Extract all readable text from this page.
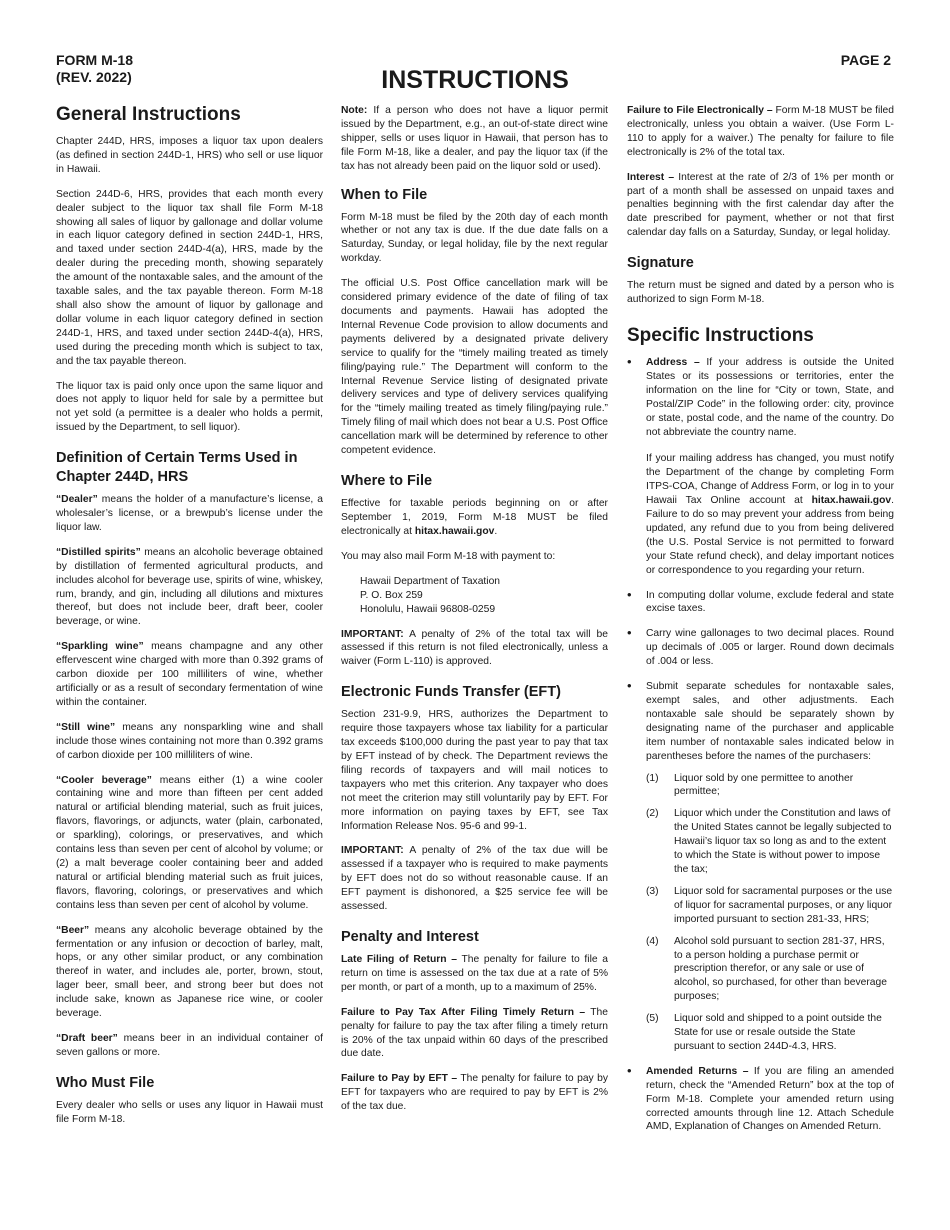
FORM M-18
(REV. 2022)	INSTRUCTIONS
PAGE 2
General Instructions

Chapter 244D, HRS, imposes a liquor tax upon dealers (as defined in section 244D-1, HRS) who sell or use liquor in Hawaii.

Section 244D-6, HRS, provides that each month every dealer subject to the liquor tax shall file Form M-18 showing all sales of liquor by gallonage and dollar volume in each liquor category defined in section 244D-1, HRS, and taxed under section 244D-4(a), HRS, made by the dealer during the preceding month, showing separately the amount of the nontaxable sales, and the amount of the taxable sales, and the tax payable thereon. Form M-18 shall also show the amount of liquor by gallonage and dollar volume in each liquor category defined in section 244D-1, HRS, and taxed under section 244D-4(a), HRS, used during the preceding month which is subject to tax, and the tax payable thereon.

The liquor tax is paid only once upon the same liquor and does not apply to liquor held for sale by a permittee but not yet sold (a permittee is a dealer who holds a permit, issued by the Department, to sell liquor).

Definition of Certain Terms Used in Chapter 244D, HRS

“Dealer” means the holder of a manufacture’s license, a wholesaler’s license, or a brewpub’s license under the liquor law.

“Distilled spirits” means an alcoholic beverage obtained by distillation of fermented agricultural products, and includes alcohol for beverage use, spirits of wine, whiskey, rum, brandy, and gin, including all dilutions and mixtures thereof, but does not include beer, draft beer, cooler beverage, or wine.

“Sparkling wine” means champagne and any other effervescent wine charged with more than 0.392 grams of carbon dioxide per 100 milliliters of wine, whether artificially or as a result of secondary fermentation of wine within the container.

“Still wine” means any nonsparkling wine and shall include those wines containing not more than 0.392 grams of carbon dioxide per 100 milliliters of wine.

“Cooler beverage” means either (1) a wine cooler containing wine and more than fifteen per cent added natural or artificial blending material, such as fruit juices, flavors, flavorings, or adjuncts, water (plain, carbonated, or sparkling), colorings, or preservatives, and which contains less than seven per cent of alcohol by volume; or (2) a malt beverage cooler containing beer and added natural or artificial blending material such as fruit juices, flavors, flavoring, colorings, or preservatives and which contains less than seven per cent of alcohol by volume.

“Beer” means any alcoholic beverage obtained by the fermentation or any infusion or decoction of barley, malt, hops, or any other similar product, or any combination thereof in water, and includes ale, porter, brown, stout, lager beer, small beer, and strong beer but does not include sake, known as Japanese rice wine, or cooler beverage.

“Draft beer” means beer in an individual container of seven gallons or more.

Who Must File

Every dealer who sells or uses any liquor in Hawaii must file Form M-18.

Note: If a person who does not have a liquor permit issued by the Department, e.g., an out-of-state direct wine shipper, sells or uses liquor in Hawaii, that person has to file Form M-18, like a dealer, and pay the liquor tax (if the tax has not already been paid on the liquor sold or used).

When to File

Form M-18 must be filed by the 20th day of each month whether or not any tax is due. If the due date falls on a Saturday, Sunday, or legal holiday, file by the next regular workday.

The official U.S. Post Office cancellation mark will be considered primary evidence of the date of filing of tax documents and payments. Hawaii has adopted the Internal Revenue Code provision to allow documents and payments delivered by a designated private delivery service to qualify for the “timely mailing treated as timely filing/paying rule.” The Department will conform to the Internal Revenue Service listing of designated private delivery services and type of delivery services qualifying for the “timely mailing treated as timely filing/paying rule.” Timely filing of mail which does not bear a U.S. Post Office cancellation mark will be determined by reference to other competent evidence.

Where to File

Effective for taxable periods beginning on or after September 1, 2019, Form M-18 MUST be filed electronically at hitax.hawaii.gov.

You may also mail Form M-18 with payment to:

Hawaii Department of Taxation
P. O. Box 259
Honolulu, Hawaii 96808-0259

IMPORTANT: A penalty of 2% of the total tax will be assessed if this return is not filed electronically, unless a waiver (Form L-110) is approved.

Electronic Funds Transfer (EFT)

Section 231-9.9, HRS, authorizes the Department to require those taxpayers whose tax liability for a particular tax exceeds $100,000 during the past year to pay that tax by EFT instead of by check. The Department reviews the filing records of taxpayers and will mail notices to taxpayers who met this criterion. Any taxpayer who does not meet the criterion may still voluntarily pay by EFT. For more information on paying taxes by EFT, see Tax Information Release Nos. 95-6 and 99-1.

IMPORTANT: A penalty of 2% of the tax due will be assessed if a taxpayer who is required to make payments by EFT does not do so without reasonable cause. If an EFT payment is dishonored, a $25 service fee will be assessed.

Penalty and Interest

Late Filing of Return – The penalty for failure to file a return on time is assessed on the tax due at a rate of 5% per month, or part of a month, up to a maximum of 25%.

Failure to Pay Tax After Filing Timely Return – The penalty for failure to pay the tax after filing a timely return is 20% of the tax unpaid within 60 days of the prescribed due date.

Failure to Pay by EFT – The penalty for failure to pay by EFT for taxpayers who are required to pay by EFT is 2% of the tax due.

Failure to File Electronically – Form M-18 MUST be filed electronically, unless you obtain a waiver. (Use Form L-110 to apply for a waiver.) The penalty for failure to file electronically is 2% of the total tax.

Interest – Interest at the rate of 2/3 of 1% per month or part of a month shall be assessed on unpaid taxes and penalties beginning with the first calendar day after the date prescribed for payment, whether or not that first calendar day falls on a Saturday, Sunday, or legal holiday.

Signature

The return must be signed and dated by a person who is authorized to sign Form M-18.

Specific Instructions

• Address – If your address is outside the United States or its possessions or territories, enter the information on the line for “City or town, State, and Postal/ZIP Code” in the following order: city, province or state, postal code, and the name of the country. Do not abbreviate the country name.

If your mailing address has changed, you must notify the Department of the change by completing Form ITPS-COA, Change of Address Form, or log in to your Hawaii Tax Online account at hitax.hawaii.gov. Failure to do so may prevent your address from being updated, any refund due to you from being delivered (the U.S. Postal Service is not permitted to forward your State refund check), and delay important notices or correspondence to you regarding your return.

• In computing dollar volume, exclude federal and state excise taxes.
• Carry wine gallonages to two decimal places. Round up decimals of .005 or larger. Round down decimals of .004 or less.
• Submit separate schedules for nontaxable sales, exempt sales, and other adjustments. Each nontaxable sale should be separately shown by designating name of the purchaser and applicable item number of nontaxable sales indicated below in parentheses before the names of the purchasers:
(1) Liquor sold by one permittee to another permittee;
(2) Liquor which under the Constitution and laws of the United States cannot be legally subjected to Hawaii’s liquor tax so long as and to the extent to which the State is without power to impose the tax;
(3) Liquor sold for sacramental purposes or the use of liquor for sacramental purposes, or any liquor imported pursuant to section 281-33, HRS;
(4) Alcohol sold pursuant to section 281-37, HRS, to a person holding a purchase permit or prescription therefor, or any sale or use of alcohol, so purchased, for other than beverage purposes;
(5) Liquor sold and shipped to a point outside the State for use or resale outside the State pursuant to section 244D-4.3, HRS.
• Amended Returns – If you are filing an amended return, check the “Amended Return” box at the top of Form M-18. Complete your amended return using corrected amounts through line 12. Attach Schedule AMD, Explanation of Changes on Amended Return.
